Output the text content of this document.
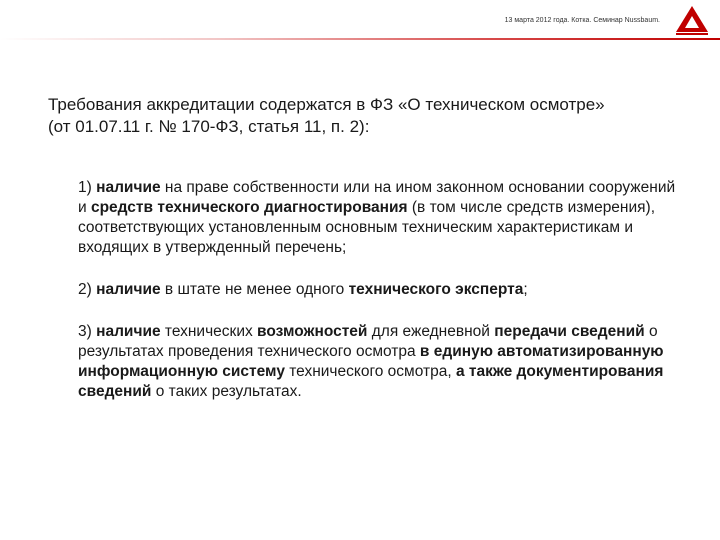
13 марта 2012 года. Котка. Семинар Nussbaum.
Требования аккредитации содержатся в ФЗ «О техническом осмотре»
(от 01.07.11 г. № 170-ФЗ, статья 11, п. 2):

1) наличие на праве собственности или на ином законном основании сооружений и средств технического диагностирования (в том числе средств измерения), соответствующих установленным основным техническим характеристикам и входящих в утвержденный перечень;

2) наличие в штате не менее одного технического эксперта;

3) наличие технических возможностей для ежедневной передачи сведений о результатах проведения технического осмотра в единую автоматизированную информационную систему технического осмотра, а также документирования сведений о таких результатах.
